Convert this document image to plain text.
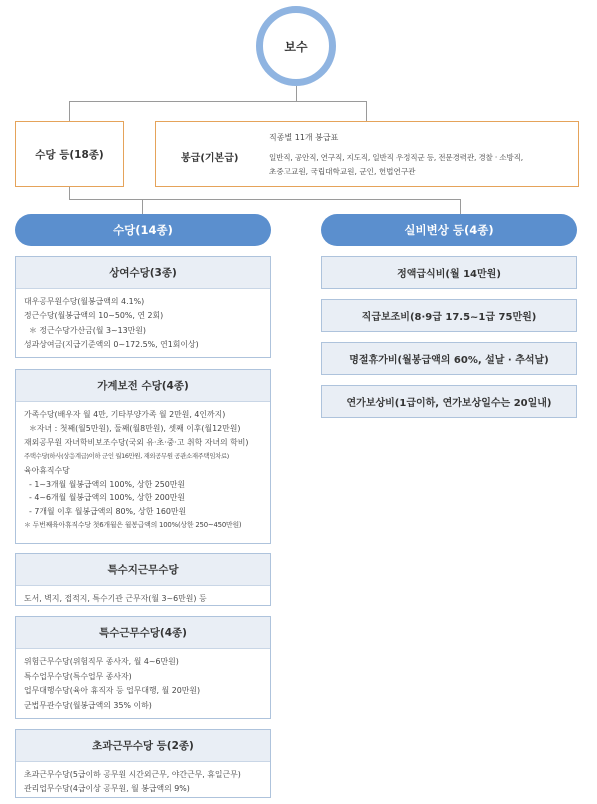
보수
수당 등(18종)	봉급(기본급)
직종별 11개 봉급표
일반직, 공안직, 연구직, 지도직, 일반직 우정직군 등, 전문경력관, 경찰 · 소방직,
초중고교원, 국립대학교원, 군인, 헌법연구관
수당(14종)	실비변상 등(4종)
상여수당(3종)
대우공무원수당(월봉급액의 4.1%)
정근수당(월봉급액의 10~50%, 연 2회)
＊ 정근수당가산금(월 3~13만원)
성과상여금(지급기준액의 0~172.5%, 연1회이상)
가계보전 수당(4종)
가족수당(배우자 월 4만, 기타부양가족 월 2만원, 4인까지)
＊자녀 : 첫째(월5만원), 둘째(월8만원), 셋째 이후(월12만원)
재외공무원 자녀학비보조수당(국외 유·초·중·고 취학 자녀의 학비)
주택수당(하사(상응계급)이하 군인 월16만원, 재외공무원 공관소재주택임차료)
육아휴직수당
- 1~3개월 월봉급액의 100%, 상한 250만원
- 4~6개월 월봉급액의 100%, 상한 200만원
- 7개월 이후 월봉급액의 80%, 상한 160만원
＊ 두번째육아휴직수당 첫6개월은 월봉급액의 100%(상한 250~450만원)
특수지근무수당
도서, 벽지, 접적지, 특수기관 근무자(월 3~6만원) 등
특수근무수당(4종)
위험근무수당(위험직무 종사자, 월 4~6만원)
특수업무수당(특수업무 종사자)
업무대행수당(육아 휴직자 등 업무대행, 월 20만원)
군법무관수당(월봉급액의 35% 이하)
초과근무수당 등(2종)
초과근무수당(5급이하 공무원 시간외근무, 야간근무, 휴일근무)
관리업무수당(4급이상 공무원, 월 봉급액의 9%)
정액급식비(월 14만원)
직급보조비(8·9급 17.5~1급 75만원)
명절휴가비(월봉급액의 60%, 설날 · 추석날)
연가보상비(1급이하, 연가보상일수는 20일내)
